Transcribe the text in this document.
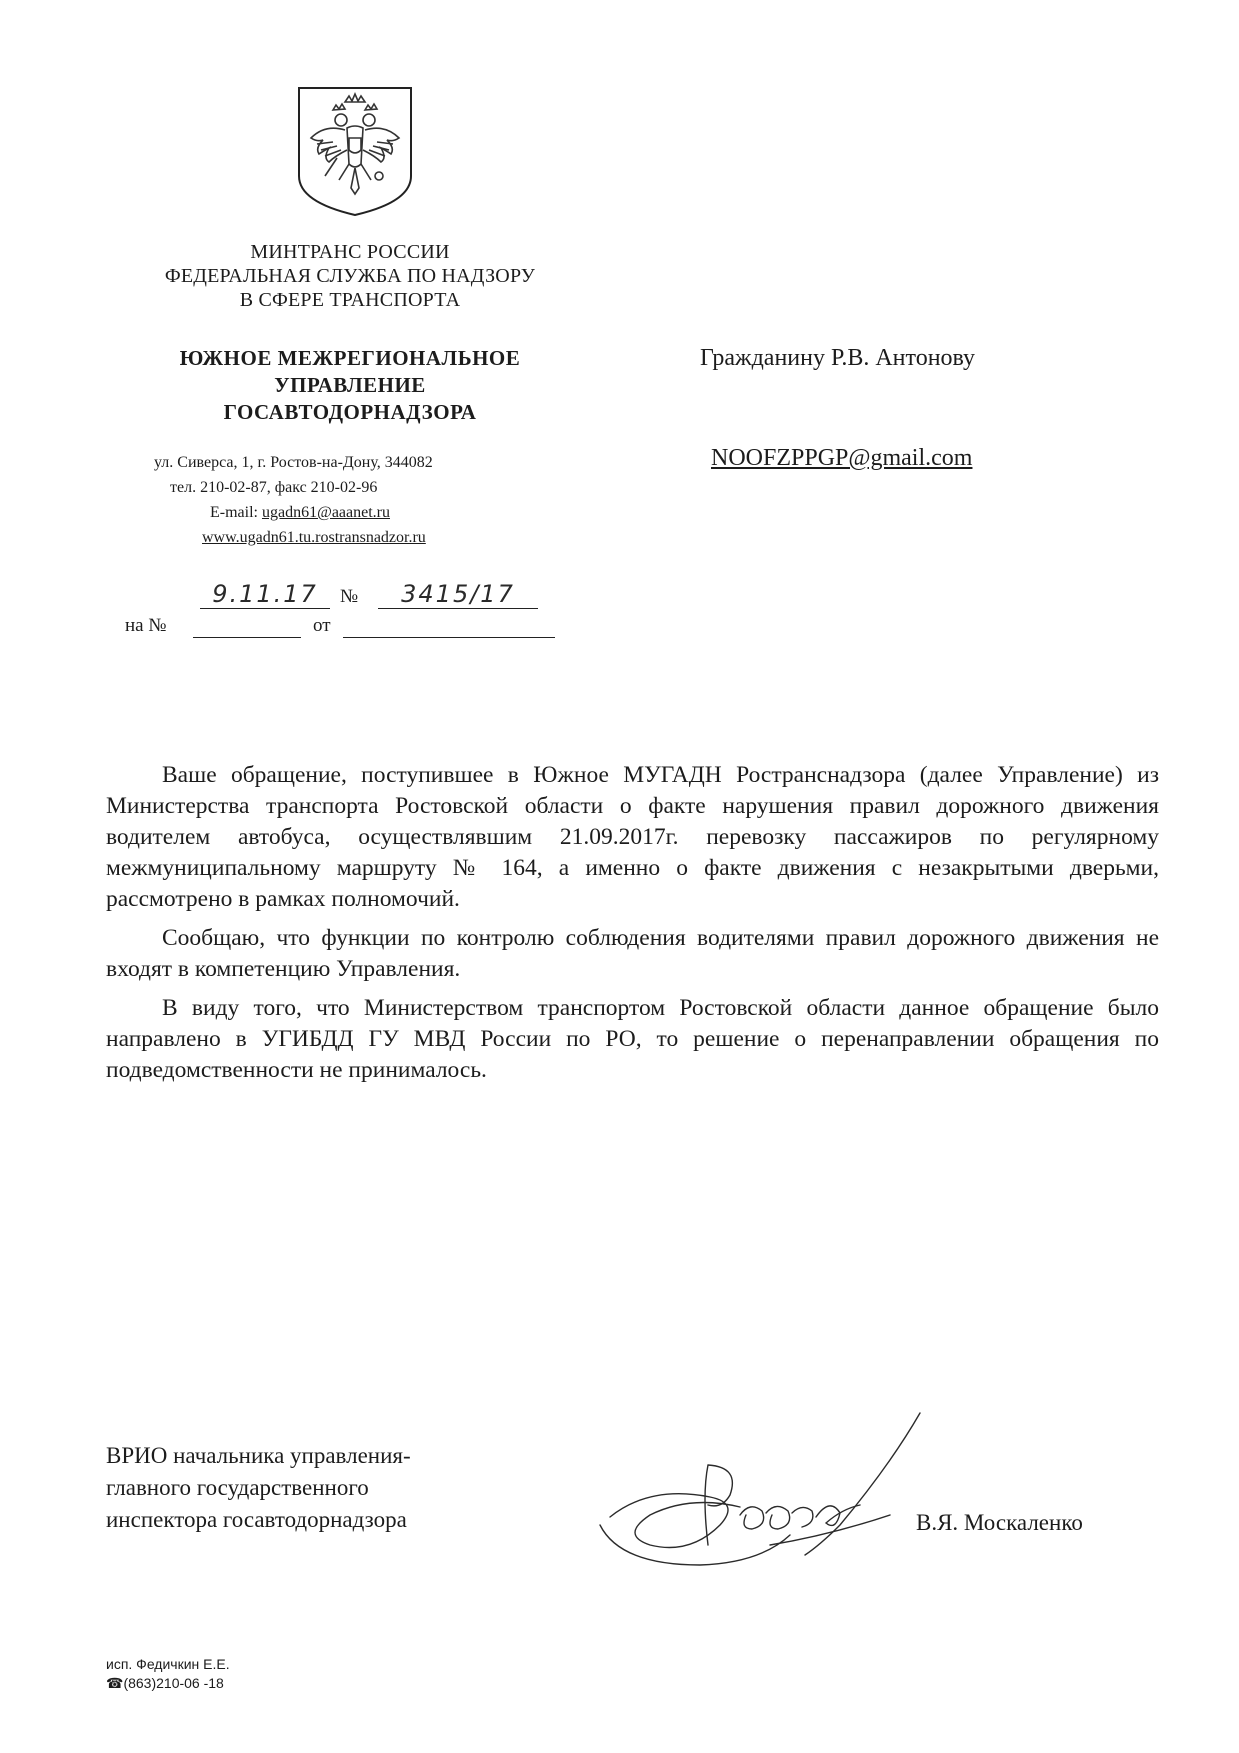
МИНТРАНС РОССИИ
ФЕДЕРАЛЬНАЯ СЛУЖБА ПО НАДЗОРУ
В СФЕРЕ ТРАНСПОРТА
ЮЖНОЕ МЕЖРЕГИОНАЛЬНОЕ
УПРАВЛЕНИЕ
ГОСАВТОДОРНАДЗОРА
ул. Сиверса, 1, г. Ростов-на-Дону, 344082
тел. 210-02-87, факс 210-02-96
E-mail: ugadn61@aaanet.ru
www.ugadn61.tu.rostransnadzor.ru
9.11.17	№	3415/17
на №	от
Гражданину Р.В. Антонову
NOOFZPPGP@gmail.com

Ваше обращение, поступившее в Южное МУГАДН Ространснадзора (далее Управление) из Министерства транспорта Ростовской области о факте нарушения правил дорожного движения водителем автобуса, осуществлявшим 21.09.2017г. перевозку пассажиров по регулярному межмуниципальному маршруту № 164, а именно о факте движения с незакрытыми дверьми, рассмотрено в рамках полномочий.

Сообщаю, что функции по контролю соблюдения водителями правил дорожного движения не входят в компетенцию Управления.

В виду того, что Министерством транспортом Ростовской области данное обращение было направлено в УГИБДД ГУ МВД России по РО, то решение о перенаправлении обращения по подведомственности не принималось.

ВРИО начальника управления-
главного государственного
инспектора госавтодорнадзора	В.Я. Москаленко
исп. Федичкин Е.Е.
☎(863)210-06 -18
